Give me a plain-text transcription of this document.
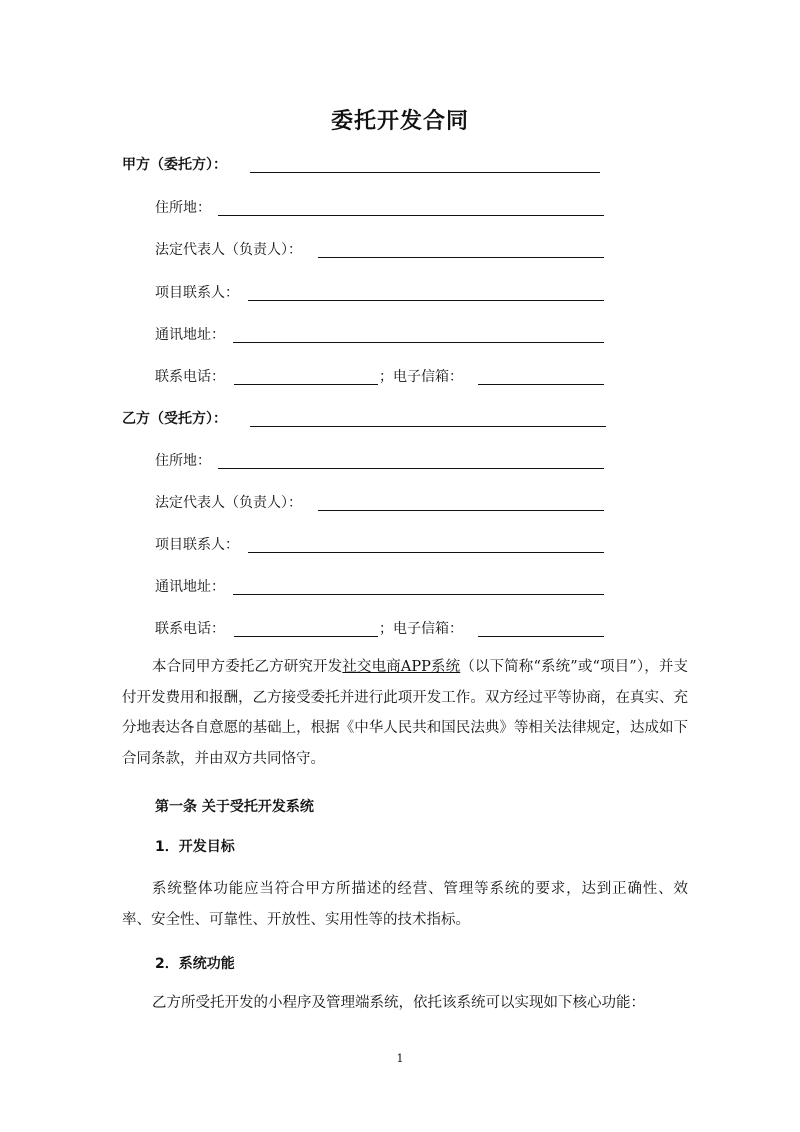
委托开发合同
甲方（委托方）：
住所地：
法定代表人（负责人）：
项目联系人：
通讯地址：
联系电话：	；电子信箱：
乙方（受托方）：
住所地：
法定代表人（负责人）：
项目联系人：
通讯地址：
联系电话：	；电子信箱：
本合同甲方委托乙方研究开发社交电商APP系统（以下简称“系统”或“项目”），并支付开发费用和报酬，乙方接受委托并进行此项开发工作。双方经过平等协商，在真实、充分地表达各自意愿的基础上，根据《中华人民共和国民法典》等相关法律规定，达成如下合同条款，并由双方共同恪守。
第一条 关于受托开发系统
1．开发目标
系统整体功能应当符合甲方所描述的经营、管理等系统的要求，达到正确性、效率、安全性、可靠性、开放性、实用性等的技术指标。
2．系统功能
乙方所受托开发的小程序及管理端系统，依托该系统可以实现如下核心功能：
1
